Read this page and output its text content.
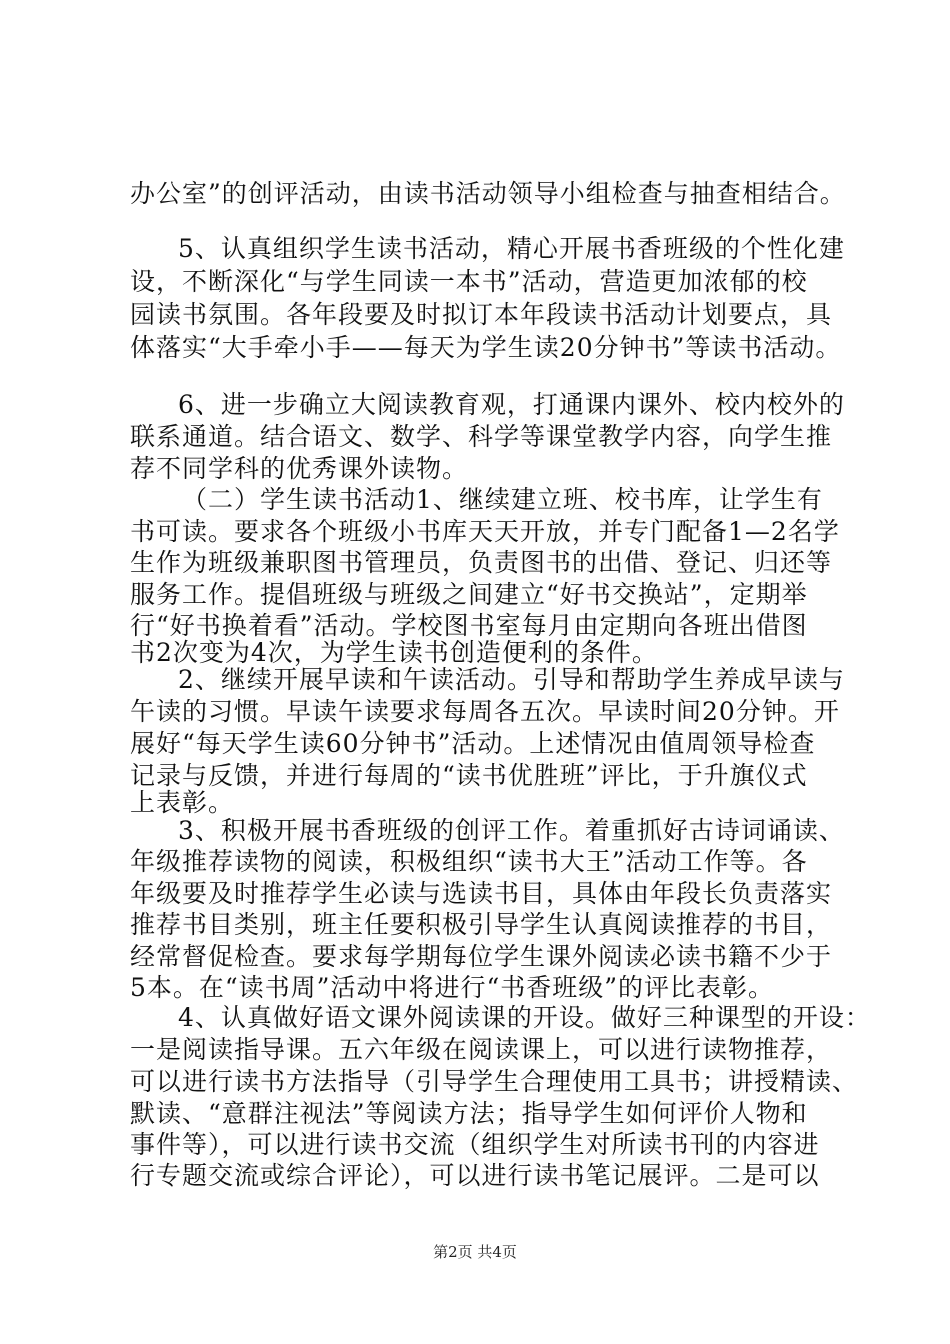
办公室”的创评活动，由读书活动领导小组检查与抽查相结合。
5、认真组织学生读书活动，精心开展书香班级的个性化建
设，不断深化“与学生同读一本书”活动，营造更加浓郁的校
园读书氛围。各年段要及时拟订本年段读书活动计划要点，具
体落实“大手牵小手——每天为学生读20分钟书”等读书活动。
6、进一步确立大阅读教育观，打通课内课外、校内校外的
联系通道。结合语文、数学、科学等课堂教学内容，向学生推
荐不同学科的优秀课外读物。
（二）学生读书活动1、继续建立班、校书库，让学生有
书可读。要求各个班级小书库天天开放，并专门配备1—2名学
生作为班级兼职图书管理员，负责图书的出借、登记、归还等
服务工作。提倡班级与班级之间建立“好书交换站”，定期举
行“好书换着看”活动。学校图书室每月由定期向各班出借图
书2次变为4次，为学生读书创造便利的条件。
2、继续开展早读和午读活动。引导和帮助学生养成早读与
午读的习惯。早读午读要求每周各五次。早读时间20分钟。开
展好“每天学生读60分钟书”活动。上述情况由值周领导检查
记录与反馈，并进行每周的“读书优胜班”评比，于升旗仪式
上表彰。
3、积极开展书香班级的创评工作。着重抓好古诗词诵读、
年级推荐读物的阅读，积极组织“读书大王”活动工作等。各
年级要及时推荐学生必读与选读书目，具体由年段长负责落实
推荐书目类别，班主任要积极引导学生认真阅读推荐的书目，
经常督促检查。要求每学期每位学生课外阅读必读书籍不少于
5本。在“读书周”活动中将进行“书香班级”的评比表彰。
4、认真做好语文课外阅读课的开设。做好三种课型的开设：
一是阅读指导课。五六年级在阅读课上，可以进行读物推荐，
可以进行读书方法指导（引导学生合理使用工具书；讲授精读、
默读、“意群注视法”等阅读方法；指导学生如何评价人物和
事件等），可以进行读书交流（组织学生对所读书刊的内容进
行专题交流或综合评论），可以进行读书笔记展评。二是可以
第2页 共4页
